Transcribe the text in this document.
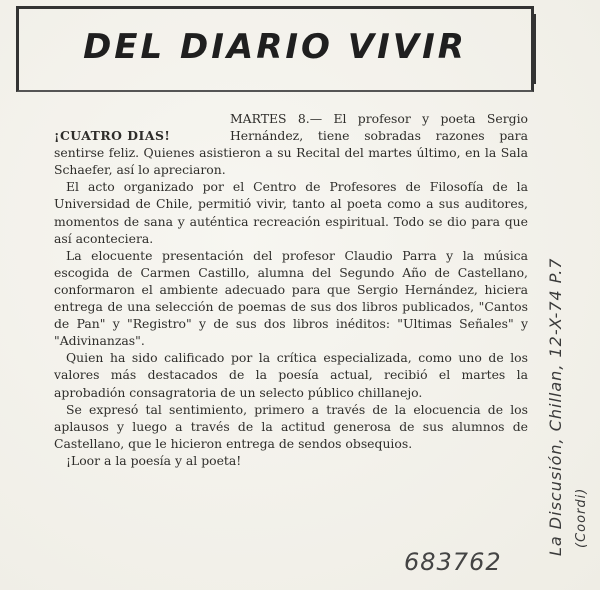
DEL DIARIO VIVIR
¡CUATRO DIAS!

MARTES 8.— El profesor y poeta Sergio Hernández, tiene sobradas razones para sentirse feliz. Quienes asistieron a su Recital del martes último, en la Sala Schaefer, así lo apreciaron.

El acto organizado por el Centro de Profesores de Filosofía de la Universidad de Chile, permitió vivir, tanto al poeta como a sus auditores, momentos de sana y auténtica recreación espiritual. Todo se dio para que así aconteciera.

La elocuente presentación del profesor Claudio Parra y la música escogida de Carmen Castillo, alumna del Segundo Año de Castellano, conformaron el ambiente adecuado para que Sergio Hernández, hiciera entrega de una selección de poemas de sus dos libros publicados, "Cantos de Pan" y "Registro" y de sus dos libros inéditos: "Ultimas Señales" y "Adivinanzas".

Quien ha sido calificado por la crítica especializada, como uno de los valores más destacados de la poesía actual, recibió el martes la aprobadión consagratoria de un selecto público chillanejo.

Se expresó tal sentimiento, primero a través de la elocuencia de los aplausos y luego a través de la actitud generosa de sus alumnos de Castellano, que le hicieron entrega de sendos obsequios.

¡Loor a la poesía y al poeta!	La Discusión, Chillan, 12-X-74 P.7 (Coordi)
683762
